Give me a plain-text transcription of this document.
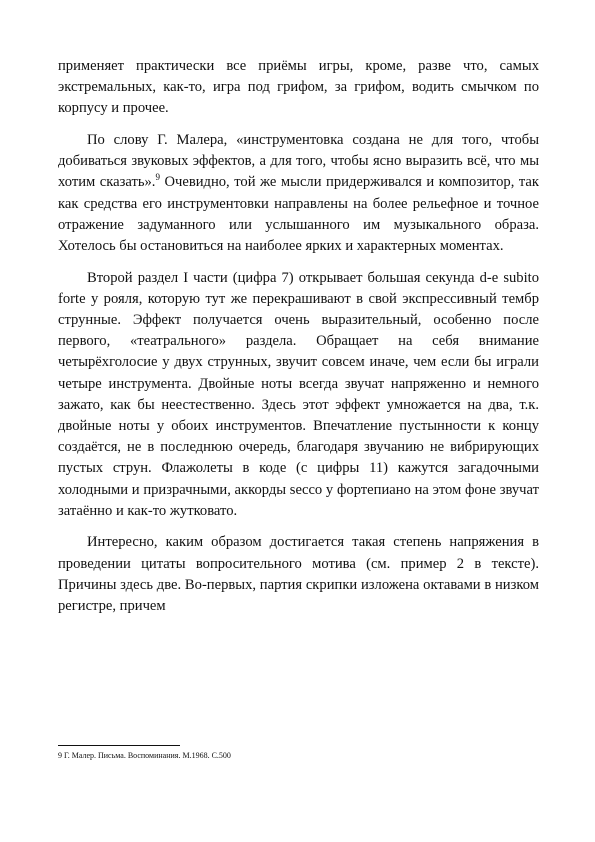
применяет практически все приёмы игры, кроме, разве что, самых экстремальных, как-то, игра под грифом, за грифом, водить смычком по корпусу и прочее.

По слову Г. Малера, «инструментовка создана не для того, чтобы добиваться звуковых эффектов, а для того, чтобы ясно выразить всё, что мы хотим сказать».$^9$ Очевидно, той же мысли придерживался и композитор, так как средства его инструментовки направлены на более рельефное и точное отражение задуманного или услышанного им музыкального образа. Хотелось бы остановиться на наиболее ярких и характерных моментах.

Второй раздел I части (цифра 7) открывает большая секунда d-e subito forte у рояля, которую тут же перекрашивают в свой экспрессивный тембр струнные. Эффект получается очень выразительный, особенно после первого, «театрального» раздела. Обращает на себя внимание четырёхголосие у двух струнных, звучит совсем иначе, чем если бы играли четыре инструмента. Двойные ноты всегда звучат напряженно и немного зажато, как бы неестественно. Здесь этот эффект умножается на два, т.к. двойные ноты у обоих инструментов. Впечатление пустынности к концу создаётся, не в последнюю очередь, благодаря звучанию не вибрирующих пустых струн. Флажолеты в коде (с цифры 11) кажутся загадочными холодными и призрачными, аккорды secco у фортепиано на этом фоне звучат затаённо и как-то жутковато.

Интересно, каким образом достигается такая степень напряжения в проведении цитаты вопросительного мотива (см. пример 2 в тексте). Причины здесь две. Во-первых, партия скрипки изложена октавами в низком регистре, причем

9 Г. Малер. Письма. Воспоминания. М.1968. С.500
